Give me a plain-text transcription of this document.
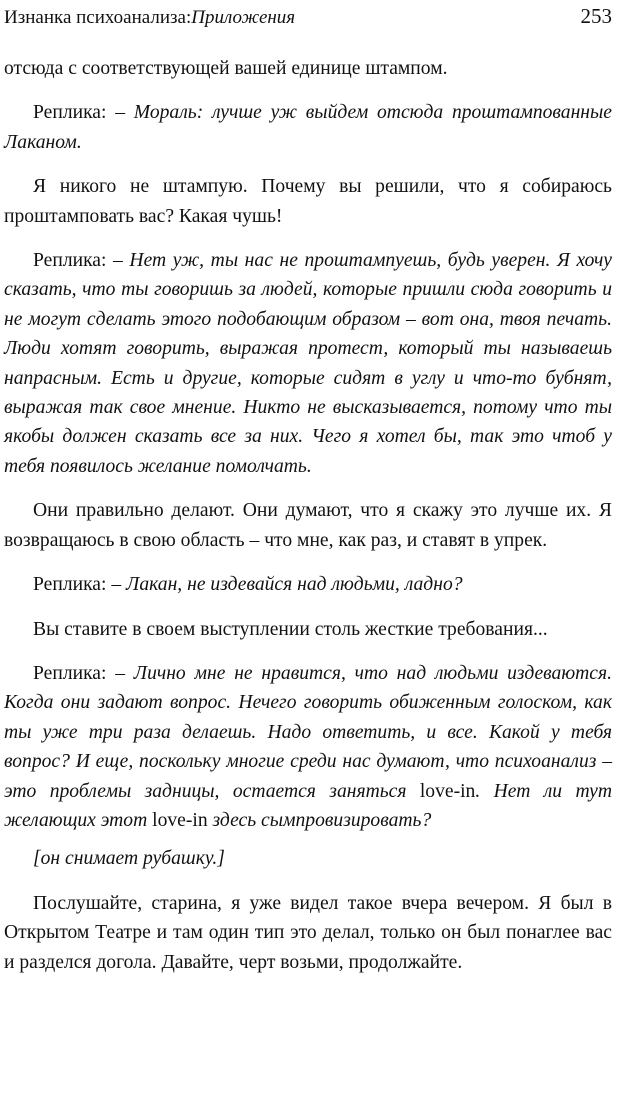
Изнанка психоанализа:Приложения	253

отсюда с соответствующей вашей единице штампом.

Реплика: – Мораль: лучше уж выйдем отсюда проштампованные Лаканом.

Я никого не штампую. Почему вы решили, что я собираюсь проштамповать вас? Какая чушь!

Реплика: – Нет уж, ты нас не проштампуешь, будь уверен. Я хочу сказать, что ты говоришь за людей, которые пришли сюда говорить и не могут сделать этого подобающим образом – вот она, твоя печать. Люди хотят говорить, выражая протест, который ты называешь напрасным. Есть и другие, которые сидят в углу и что-то бубнят, выражая так свое мнение. Никто не высказывается, потому что ты якобы должен сказать все за них. Чего я хотел бы, так это чтоб у тебя появилось желание помолчать.

Они правильно делают. Они думают, что я скажу это лучше их. Я возвращаюсь в свою область – что мне, как раз, и ставят в упрек.

Реплика: – Лакан, не издевайся над людьми, ладно?

Вы ставите в своем выступлении столь жесткие требования...

Реплика: – Лично мне не нравится, что над людьми издеваются. Когда они задают вопрос. Нечего говорить обиженным голоском, как ты уже три раза делаешь. Надо ответить, и все. Какой у тебя вопрос? И еще, поскольку многие среди нас думают, что психоанализ – это проблемы задницы, остается заняться love-in. Нет ли тут желающих этот love-in здесь сымпровизировать?

[он снимает рубашку.]

Послушайте, старина, я уже видел такое вчера вечером. Я был в Открытом Театре и там один тип это делал, только он был понаглее вас и разделся догола. Давайте, черт возьми, продолжайте.
